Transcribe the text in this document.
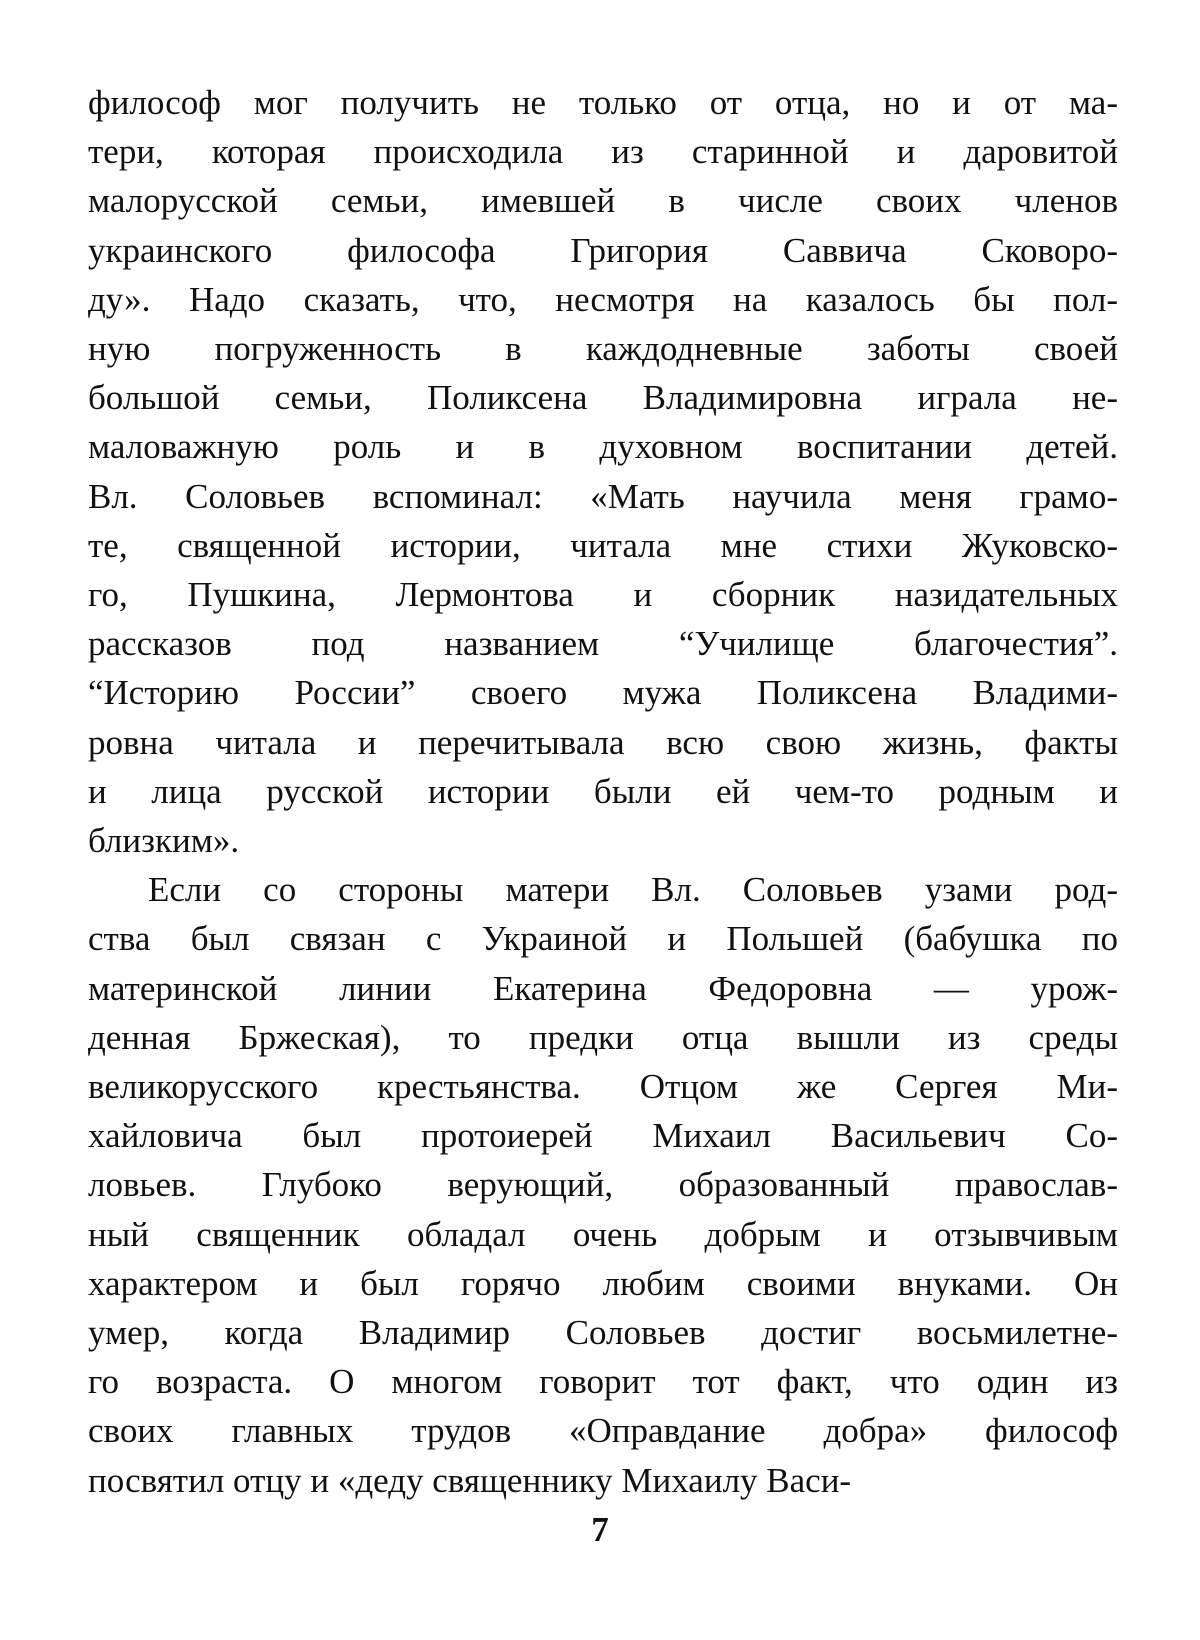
философ мог получить не только от отца, но и от ма-
тери, которая происходила из старинной и даровитой
малорусской семьи, имевшей в числе своих членов
украинского философа Григория Саввича Сковоро-
ду». Надо сказать, что, несмотря на казалось бы пол-
ную погруженность в каждодневные заботы своей
большой семьи, Поликсена Владимировна играла не-
маловажную роль и в духовном воспитании детей.
Вл. Соловьев вспоминал: «Мать научила меня грамо-
те, священной истории, читала мне стихи Жуковско-
го, Пушкина, Лермонтова и сборник назидательных
рассказов под названием “Училище благочестия”.
“Историю России” своего мужа Поликсена Владими-
ровна читала и перечитывала всю свою жизнь, факты
и лица русской истории были ей чем-то родным и
близким».
Если со стороны матери Вл. Соловьев узами род-
ства был связан с Украиной и Польшей (бабушка по
материнской линии Екатерина Федоровна — урож-
денная Бржеская), то предки отца вышли из среды
великорусского крестьянства. Отцом же Сергея Ми-
хайловича был протоиерей Михаил Васильевич Со-
ловьев. Глубоко верующий, образованный православ-
ный священник обладал очень добрым и отзывчивым
характером и был горячо любим своими внуками. Он
умер, когда Владимир Соловьев достиг восьмилетне-
го возраста. О многом говорит тот факт, что один из
своих главных трудов «Оправдание добра» философ
посвятил отцу и «деду священнику Михаилу Васи-
7
